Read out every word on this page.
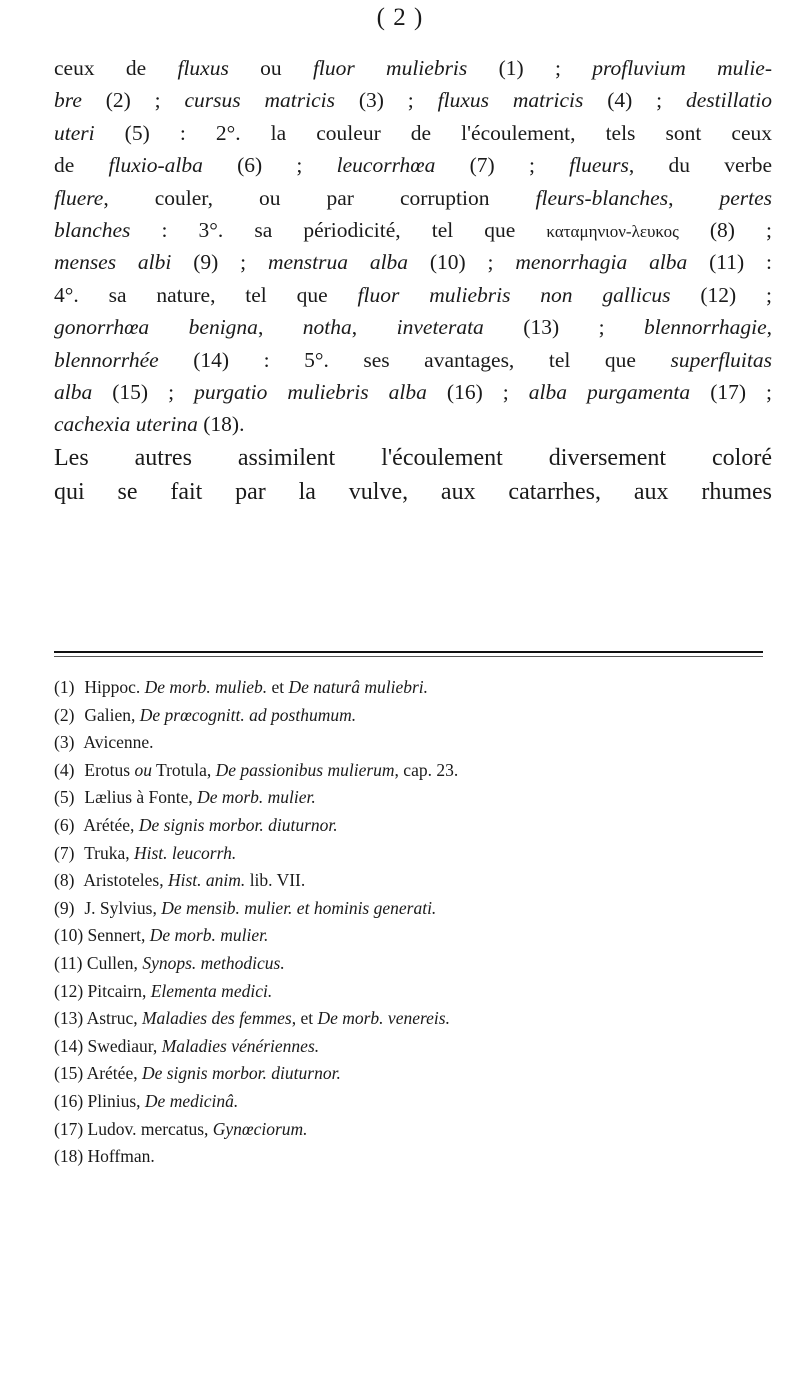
( 2 )
ceux de fluxus ou fluor muliebris (1) ; profluvium mulie-
bre (2) ; cursus matricis (3) ; fluxus matricis (4) ; destillatio
uteri (5) : 2°. la couleur de l'écoulement, tels sont ceux
de fluxio-alba (6) ; leucorrhœa (7) ; flueurs, du verbe
fluere, couler, ou par corruption fleurs-blanches, pertes
blanches : 3°. sa périodicité, tel que καταμηνιον-λευκος (8) ;
menses albi (9) ; menstrua alba (10) ; menorrhagia alba (11) :
4°. sa nature, tel que fluor muliebris non gallicus (12) ;
gonorrhœa benigna, notha, inveterata (13) ; blennorrhagie,
blennorrhée (14) : 5°. ses avantages, tel que superfluitas
alba (15) ; purgatio muliebris alba (16) ; alba purgamenta (17) ;
cachexia uterina (18).
Les autres assimilent l'écoulement diversement coloré
qui se fait par la vulve, aux catarrhes, aux rhumes
(1) Hippoc. De morb. mulieb. et De naturâ muliebri.
(2) Galien, De prœcognitt. ad posthumum.
(3) Avicenne.
(4) Erotus ou Trotula, De passionibus mulierum, cap. 23.
(5) Lælius à Fonte, De morb. mulier.
(6) Arétée, De signis morbor. diuturnor.
(7) Truka, Hist. leucorrh.
(8) Aristoteles, Hist. anim. lib. VII.
(9) J. Sylvius, De mensib. mulier. et hominis generati.
(10) Sennert, De morb. mulier.
(11) Cullen, Synops. methodicus.
(12) Pitcairn, Elementa medici.
(13) Astruc, Maladies des femmes, et De morb. venereis.
(14) Swediaur, Maladies vénériennes.
(15) Arétée, De signis morbor. diuturnor.
(16) Plinius, De medicinâ.
(17) Ludov. mercatus, Gynœciorum.
(18) Hoffman.
